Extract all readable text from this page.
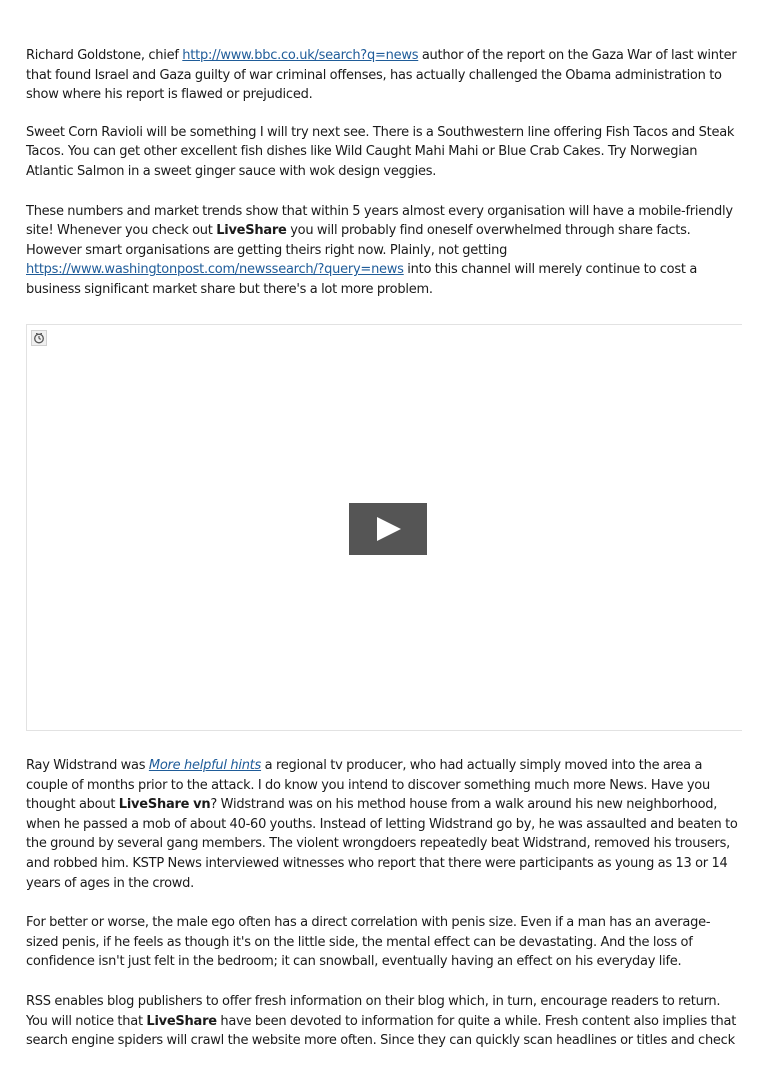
Richard Goldstone, chief http://www.bbc.co.uk/search?q=news author of the report on the Gaza War of last winter that found Israel and Gaza guilty of war criminal offenses, has actually challenged the Obama administration to show where his report is flawed or prejudiced.

Sweet Corn Ravioli will be something I will try next see. There is a Southwestern line offering Fish Tacos and Steak Tacos. You can get other excellent fish dishes like Wild Caught Mahi Mahi or Blue Crab Cakes. Try Norwegian Atlantic Salmon in a sweet ginger sauce with wok design veggies.

These numbers and market trends show that within 5 years almost every organisation will have a mobile-friendly site! Whenever you check out LiveShare you will probably find oneself overwhelmed through share facts. However smart organisations are getting theirs right now. Plainly, not getting https://www.washingtonpost.com/newssearch/?query=news into this channel will merely continue to cost a business significant market share but there's a lot more problem.

Ray Widstrand was More helpful hints a regional tv producer, who had actually simply moved into the area a couple of months prior to the attack. I do know you intend to discover something much more News. Have you thought about LiveShare vn? Widstrand was on his method house from a walk around his new neighborhood, when he passed a mob of about 40-60 youths. Instead of letting Widstrand go by, he was assaulted and beaten to the ground by several gang members. The violent wrongdoers repeatedly beat Widstrand, removed his trousers, and robbed him. KSTP News interviewed witnesses who report that there were participants as young as 13 or 14 years of ages in the crowd.

For better or worse, the male ego often has a direct correlation with penis size. Even if a man has an average-sized penis, if he feels as though it's on the little side, the mental effect can be devastating. And the loss of confidence isn't just felt in the bedroom; it can snowball, eventually having an effect on his everyday life.

RSS enables blog publishers to offer fresh information on their blog which, in turn, encourage readers to return. You will notice that LiveShare have been devoted to information for quite a while. Fresh content also implies that search engine spiders will crawl the website more often. Since they can quickly scan headlines or titles and check
